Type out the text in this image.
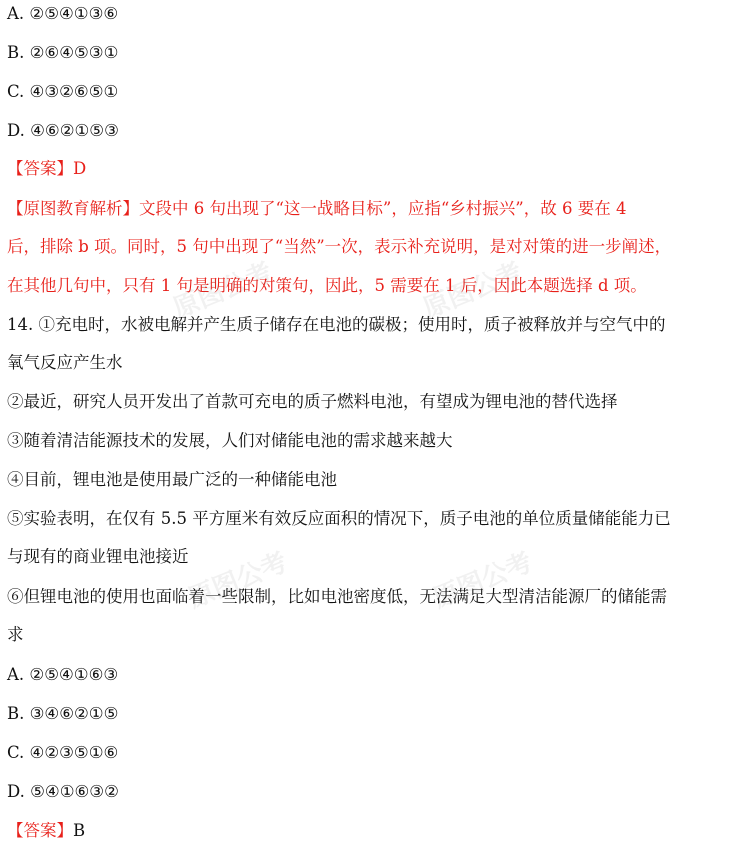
A. ②⑤④①③⑥
B. ②⑥④⑤③①
C. ④③②⑥⑤①
D. ④⑥②①⑤③
【答案】D
【原图教育解析】文段中 6 句出现了“这一战略目标”，应指“乡村振兴”，故 6 要在 4
后，排除 b 项。同时，5 句中出现了“当然”一次，表示补充说明，是对对策的进一步阐述，
在其他几句中，只有 1 句是明确的对策句，因此，5 需要在 1 后，因此本题选择 d 项。
14. ①充电时，水被电解并产生质子储存在电池的碳极；使用时，质子被释放并与空气中的
氧气反应产生水
②最近，研究人员开发出了首款可充电的质子燃料电池，有望成为锂电池的替代选择
③随着清洁能源技术的发展，人们对储能电池的需求越来越大
④目前，锂电池是使用最广泛的一种储能电池
⑤实验表明，在仅有 5.5 平方厘米有效反应面积的情况下，质子电池的单位质量储能能力已
与现有的商业锂电池接近
⑥但锂电池的使用也面临着一些限制，比如电池密度低，无法满足大型清洁能源厂的储能需
求
A. ②⑤④①⑥③
B. ③④⑥②①⑤
C. ④②③⑤①⑥
D. ⑤④①⑥③②
【答案】B
原图公考	原图公考
原图公考	原图公考
